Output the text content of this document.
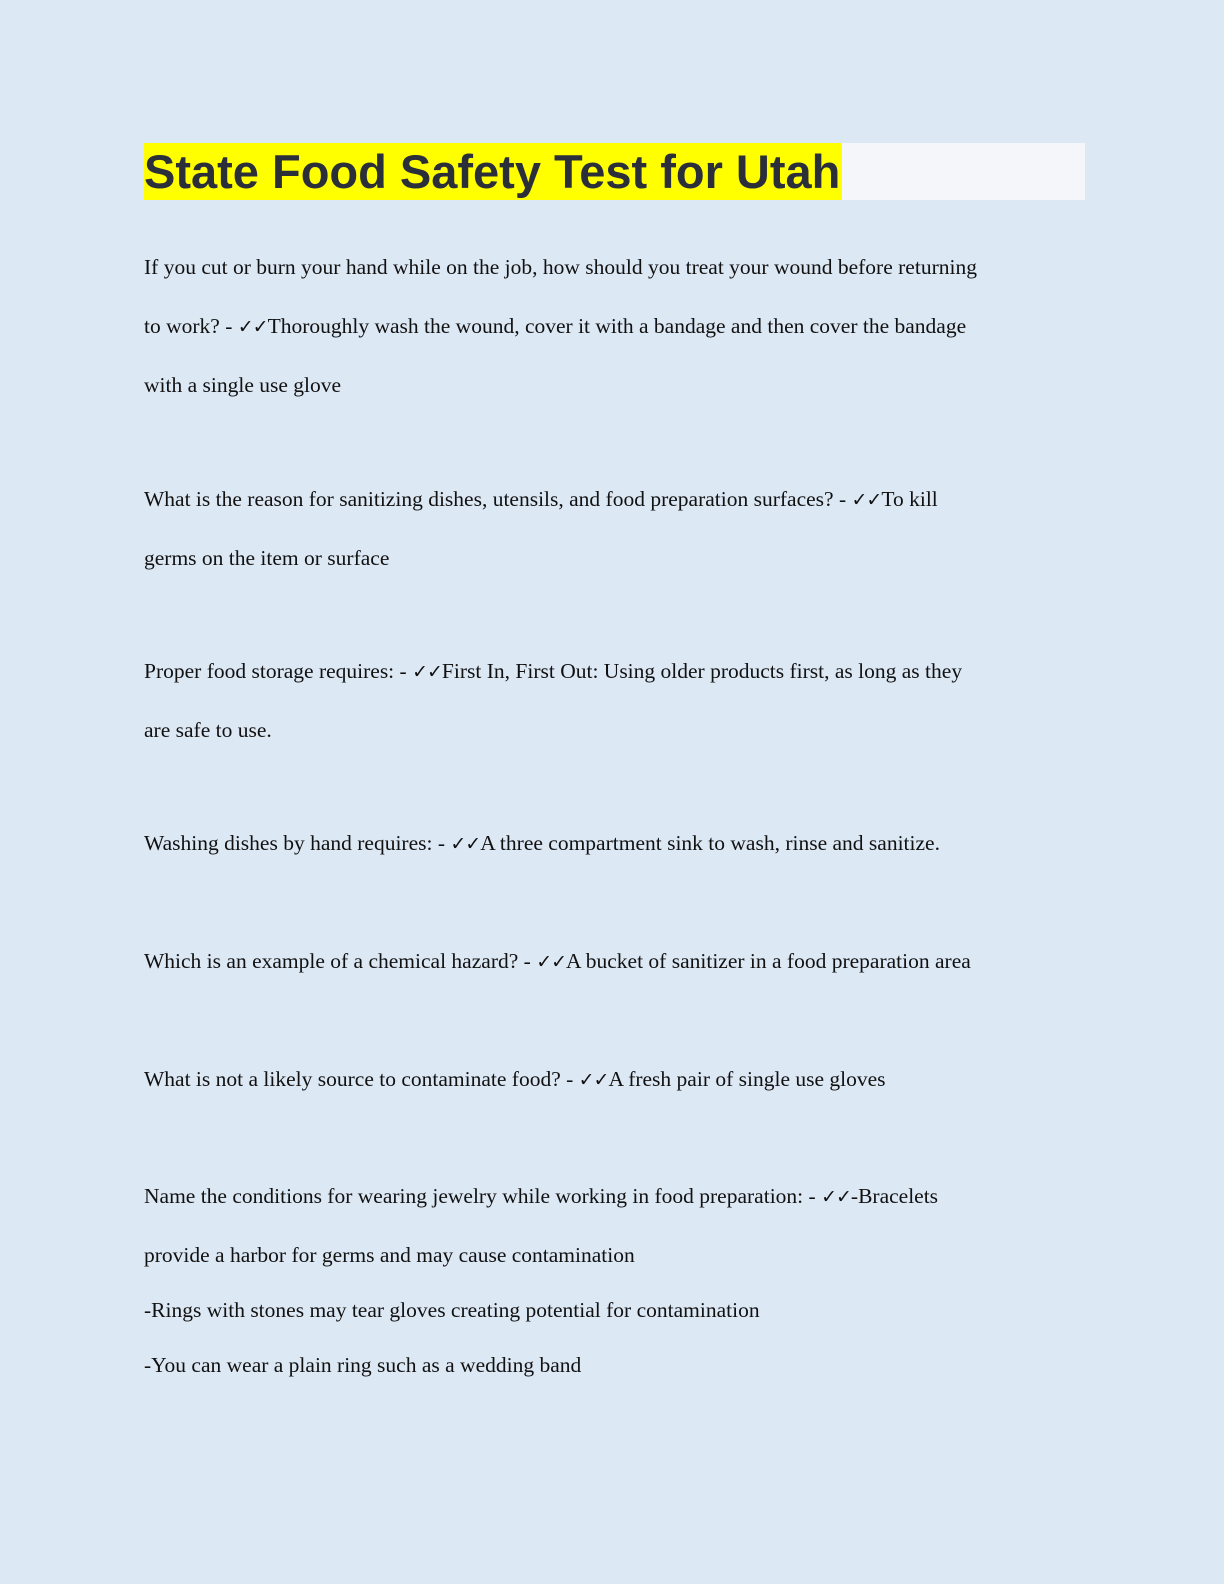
State Food Safety Test for Utah
If you cut or burn your hand while on the job, how should you treat your wound before returning
to work? - ✓✓Thoroughly wash the wound, cover it with a bandage and then cover the bandage
with a single use glove
What is the reason for sanitizing dishes, utensils, and food preparation surfaces? - ✓✓To kill
germs on the item or surface
Proper food storage requires: - ✓✓First In, First Out: Using older products first, as long as they
are safe to use.
Washing dishes by hand requires: - ✓✓A three compartment sink to wash, rinse and sanitize.
Which is an example of a chemical hazard? - ✓✓A bucket of sanitizer in a food preparation area
What is not a likely source to contaminate food? - ✓✓A fresh pair of single use gloves
Name the conditions for wearing jewelry while working in food preparation: - ✓✓-Bracelets
provide a harbor for germs and may cause contamination
-Rings with stones may tear gloves creating potential for contamination
-You can wear a plain ring such as a wedding band
